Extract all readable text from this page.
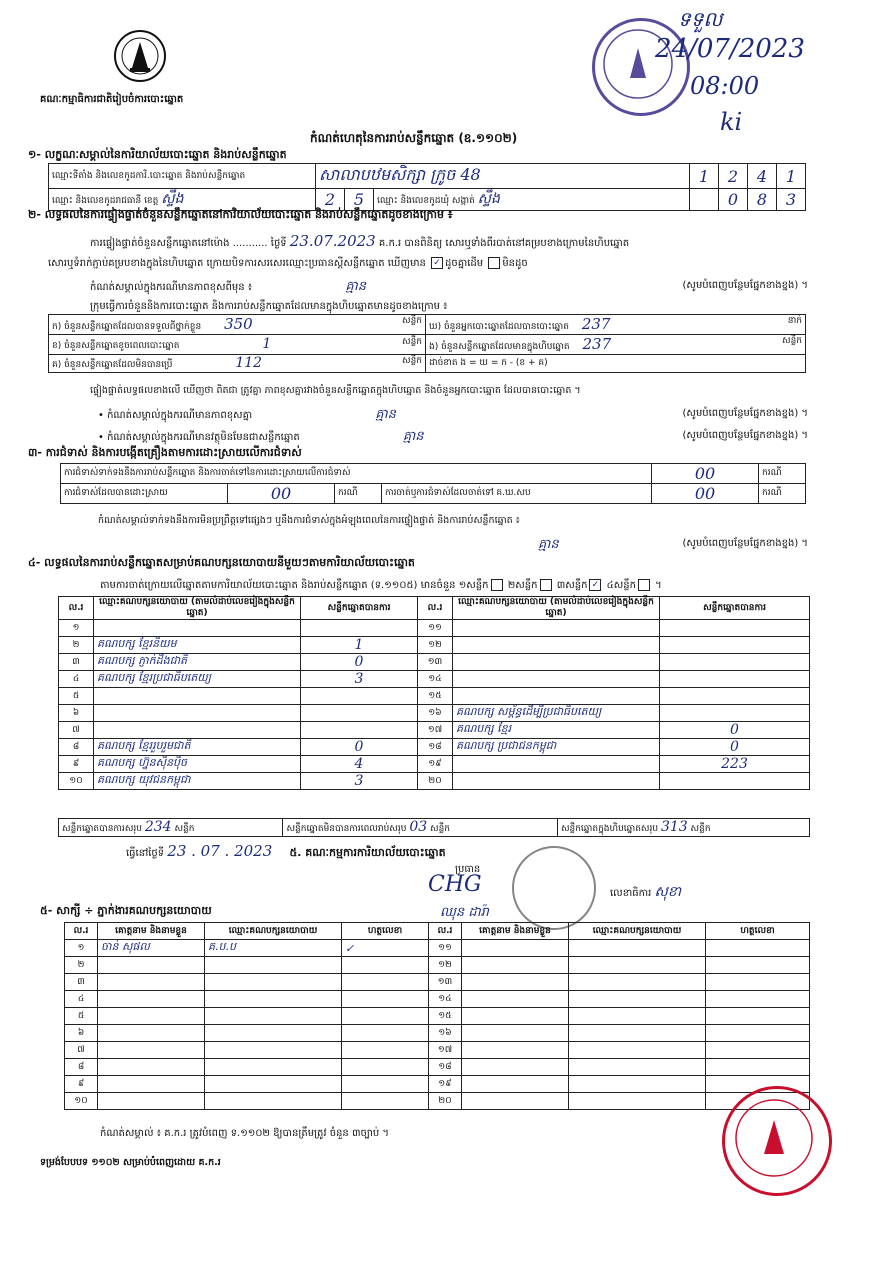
គណៈកម្មាធិការជាតិរៀបចំការបោះឆ្នោត
ទទួល
24/07/2023
08:00
ki
កំណត់ហេតុនៃការរាប់សន្លឹកឆ្នោត (ឧ.១១០២)
១- លក្ខណៈសម្គាល់នៃការិយាល័យបោះឆ្នោត និងរាប់សន្លឹកឆ្នោត
ឈ្មោះទីតាំង និងលេខកូដការិ.បោះឆ្នោត និងរាប់សន្លឹកឆ្នោត	សាលាបឋមសិក្សា ក្រូច 48			1	2	4	1
ឈ្មោះ និងលេខកូដរាជធានី ខេត្ត ស្ទឹង	2	5	ឈ្មោះ និងលេខកូដឃុំ សង្កាត់ ស្ទឹង		0	8	3
២- លទ្ធផលនៃការផ្ទៀងផ្ទាត់ចំនួនសន្លឹកឆ្នោតនៅការិយាល័យបោះឆ្នោត និងរាប់សន្លឹកឆ្នោតដូចខាងក្រោម ៖
ការផ្ទៀងផ្ទាត់ចំនួនសន្លឹកឆ្នោតនៅម៉ោង ........... ថ្ងៃទី 23.07.2023 គ.ក.រ បានពិនិត្យ សោរឬទាំងពីរបាត់នៅគម្របខាងក្រោមនៃហិបឆ្នោត
សោរឬទំរាក់ភ្ជាប់គម្របខាងក្នុងនៃហិបឆ្នោត ក្រោយបិទការសរសេរឈ្មោះប្រធានស្តីសន្លឹកឆ្នោត ឃើញមាន ✓ ដូចគ្នាដើម មិនដូច
កំណត់សម្គាល់ក្នុងករណីមានភាពខុសពីមុន ៖	គ្មាន	(សូមបំពេញបន្ថែមផ្នែកខាងខ្នង) ។
ក្រុមធ្វើការចំនួននិងការបោះឆ្នោត និងការរាប់សន្លឹកឆ្នោតដែលមានក្នុងហិបឆ្នោតមានដូចខាងក្រោម ៖
ក) ចំនួនសន្លឹកឆ្នោតដែលបានទទួលពីថ្នាក់ខ្លួន 350 សន្លឹក	ឃ) ចំនួនអ្នកបោះឆ្នោតដែលបានបោះឆ្នោត 237 នាក់

ខ) ចំនួនសន្លឹកឆ្នោតខូចពេលបោះឆ្នោត 1 សន្លឹក	ង) ចំនួនសន្លឹកឆ្នោតដែលមានក្នុងហិបឆ្នោត 237 សន្លឹក

គ) ចំនួនសន្លឹកឆ្នោតដែលមិនបានប្រើ 112 សន្លឹក	ដាច់ខាត ង = ឃ = ក - (ខ + គ)
ផ្ទៀងផ្ទាត់លទ្ធផលខាងលើ ឃើញថា ពិតជា ត្រូវគ្នា ភាពខុសគ្នារវាងចំនួនសន្លឹកឆ្នោតក្នុងហិបឆ្នោត និងចំនួនអ្នកបោះឆ្នោត ដែលបានបោះឆ្នោត ។
• កំណត់សម្គាល់ក្នុងករណីមានភាពខុសគ្នា	គ្មាន	(សូមបំពេញបន្ថែមផ្នែកខាងខ្នង) ។
• កំណត់សម្គាល់ក្នុងករណីមានវត្ថុមិនមែនជាសន្លឹកឆ្នោត	គ្មាន	(សូមបំពេញបន្ថែមផ្នែកខាងខ្នង) ។
៣- ការជំទាស់ និងការបង្កើតគ្រឿងតាមការដោះស្រាយលើការជំទាស់
ការជំទាស់ទាក់ទងនឹងការរាប់សន្លឹកឆ្នោត និងការចាត់ទៅនៃការដោះស្រាយលើការជំទាស់				00	ករណី
ការជំទាស់ដែលបានដោះស្រាយ	00	ករណី	ការចាត់ឬការជំទាស់ដែលចាត់ទៅ គ.ឃ.សប	00	ករណី
កំណត់សម្គាល់ទាក់ទងនឹងការមិនប្រព្រឹត្តទៅផ្សេងៗ ឬនឹងការជំទាស់ក្នុងអំឡុងពេលនៃការផ្ទៀងផ្ទាត់ និងការរាប់សន្លឹកឆ្នោត ៖
គ្មាន	(សូមបំពេញបន្ថែមផ្នែកខាងខ្នង) ។
៤- លទ្ធផលនៃការរាប់សន្លឹកឆ្នោតសម្រាប់គណបក្សនយោបាយនីមួយៗតាមការិយាល័យបោះឆ្នោត
តាមការចាត់ក្រោយលើឆ្នោតតាមការិយាល័យបោះឆ្នោត និងរាប់សន្លឹកឆ្នោត (ទ.១១០៥) មានចំនួន ១សន្លឹក ២សន្លឹក ៣សន្លឹក ✓ ៤សន្លឹក ។
ល.រ	ឈ្មោះគណបក្សនយោបាយ (តាមលំដាប់លេខរៀងក្នុងសន្លឹកឆ្នោត)	សន្លឹកឆ្នោតបានការ	ល.រ	ឈ្មោះគណបក្សនយោបាយ (តាមលំដាប់លេខរៀងក្នុងសន្លឹកឆ្នោត)	សន្លឹកឆ្នោតបានការ
១			១១		
២	គណបក្ស ខ្មែរនិយម	1	១២		
៣	គណបក្ស ភ្ញាក់ដឹងជាតិ	0	១៣		
៤	គណបក្ស ខ្មែរប្រជាធិបតេយ្យ	3	១៤		
៥			១៥		
៦			១៦	គណបក្ស សម្ព័ន្ធដើម្បីប្រជាធិបតេយ្យ	
៧			១៧	គណបក្ស ខ្មែរ	0
៨	គណបក្ស ខ្មែររួបរួមជាតិ	0	១៨	គណបក្ស ប្រជាជនកម្ពុជា	0
៩	គណបក្ស ហ្វ៊ុនស៊ិនប៉ិច	4	១៩		223
១០	គណបក្ស យុវជនកម្ពុជា	3	២០		
សន្លឹកឆ្នោតបានការសរុប 234 សន្លឹក	សន្លឹកឆ្នោតមិនបានការពេលរាប់សរុប 03 សន្លឹក	សន្លឹកឆ្នោតក្នុងហិបឆ្នោតសរុប 313 សន្លឹក
ធ្វើនៅថ្ងៃទី 23 . 07 . 2023 ៥. គណៈកម្មការការិយាល័យបោះឆ្នោត
ប្រធាន
CHG
ឈុន ដារ៉ា
លេខាធិការ សុខា
៥- សាក្សី ÷ ភ្នាក់ងារគណបក្សនយោបាយ
ល.រ	គោត្តនាម និងនាមខ្លួន	ឈ្មោះគណបក្សនយោបាយ	ហត្ថលេខា	ល.រ	គោត្តនាម និងនាមខ្លួន	ឈ្មោះគណបក្សនយោបាយ	ហត្ថលេខា
១	ចាន់ សុផល	គ.ប.ប	✓	១១			
២				១២			
៣				១៣			
៤				១៤			
៥				១៥			
៦				១៦			
៧				១៧			
៨				១៨			
៩				១៩			
១០				២០			
កំណត់សម្គាល់ ៖ គ.ក.រ ត្រូវបំពេញ ទ.១១០២ ឱ្យបានត្រឹមត្រូវ ចំនួន ៣ច្បាប់ ។
ទម្រង់បែបបទ ១១០២ សម្រាប់បំពេញដោយ គ.ក.រ
